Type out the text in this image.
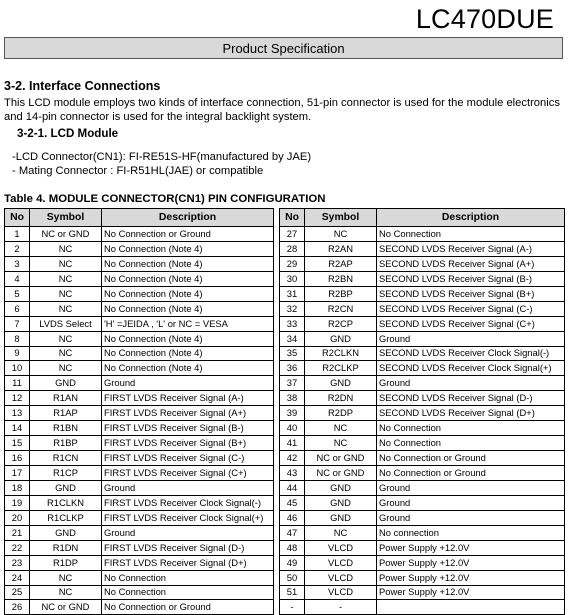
LC470DUE
Product Specification
3-2. Interface Connections
This LCD module employs two kinds of interface connection, 51-pin connector is used for the module electronics and 14-pin connector is used for the integral backlight system.
3-2-1. LCD Module
-LCD Connector(CN1): FI-RE51S-HF(manufactured by JAE)
- Mating Connector : FI-R51HL(JAE) or compatible
Table 4. MODULE CONNECTOR(CN1) PIN CONFIGURATION
No	Symbol	Description		No	Symbol	Description
1	NC or GND	No Connection or Ground		27	NC	No Connection
2	NC	No Connection (Note 4)		28	R2AN	SECOND LVDS Receiver Signal (A-)
3	NC	No Connection (Note 4)		29	R2AP	SECOND LVDS Receiver Signal (A+)
4	NC	No Connection (Note 4)		30	R2BN	SECOND LVDS Receiver Signal (B-)
5	NC	No Connection (Note 4)		31	R2BP	SECOND LVDS Receiver Signal (B+)
6	NC	No Connection (Note 4)		32	R2CN	SECOND LVDS Receiver Signal (C-)
7	LVDS Select	'H' =JEIDA , 'L' or NC = VESA		33	R2CP	SECOND LVDS Receiver Signal (C+)
8	NC	No Connection (Note 4)		34	GND	Ground
9	NC	No Connection (Note 4)		35	R2CLKN	SECOND LVDS Receiver Clock Signal(-)
10	NC	No Connection (Note 4)		36	R2CLKP	SECOND LVDS Receiver Clock Signal(+)
11	GND	Ground		37	GND	Ground
12	R1AN	FIRST LVDS Receiver Signal (A-)		38	R2DN	SECOND LVDS Receiver Signal (D-)
13	R1AP	FIRST LVDS Receiver Signal (A+)		39	R2DP	SECOND LVDS Receiver Signal (D+)
14	R1BN	FIRST LVDS Receiver Signal (B-)		40	NC	No Connection
15	R1BP	FIRST LVDS Receiver Signal (B+)		41	NC	No Connection
16	R1CN	FIRST LVDS Receiver Signal (C-)		42	NC or GND	No Connection or Ground
17	R1CP	FIRST LVDS Receiver Signal (C+)		43	NC or GND	No Connection or Ground
18	GND	Ground		44	GND	Ground
19	R1CLKN	FIRST LVDS Receiver Clock Signal(-)		45	GND	Ground
20	R1CLKP	FIRST LVDS Receiver Clock Signal(+)		46	GND	Ground
21	GND	Ground		47	NC	No connection
22	R1DN	FIRST LVDS Receiver Signal (D-)		48	VLCD	Power Supply +12.0V
23	R1DP	FIRST LVDS Receiver Signal (D+)		49	VLCD	Power Supply +12.0V
24	NC	No Connection		50	VLCD	Power Supply +12.0V
25	NC	No Connection		51	VLCD	Power Supply +12.0V
26	NC or GND	No Connection or Ground		-	-	
